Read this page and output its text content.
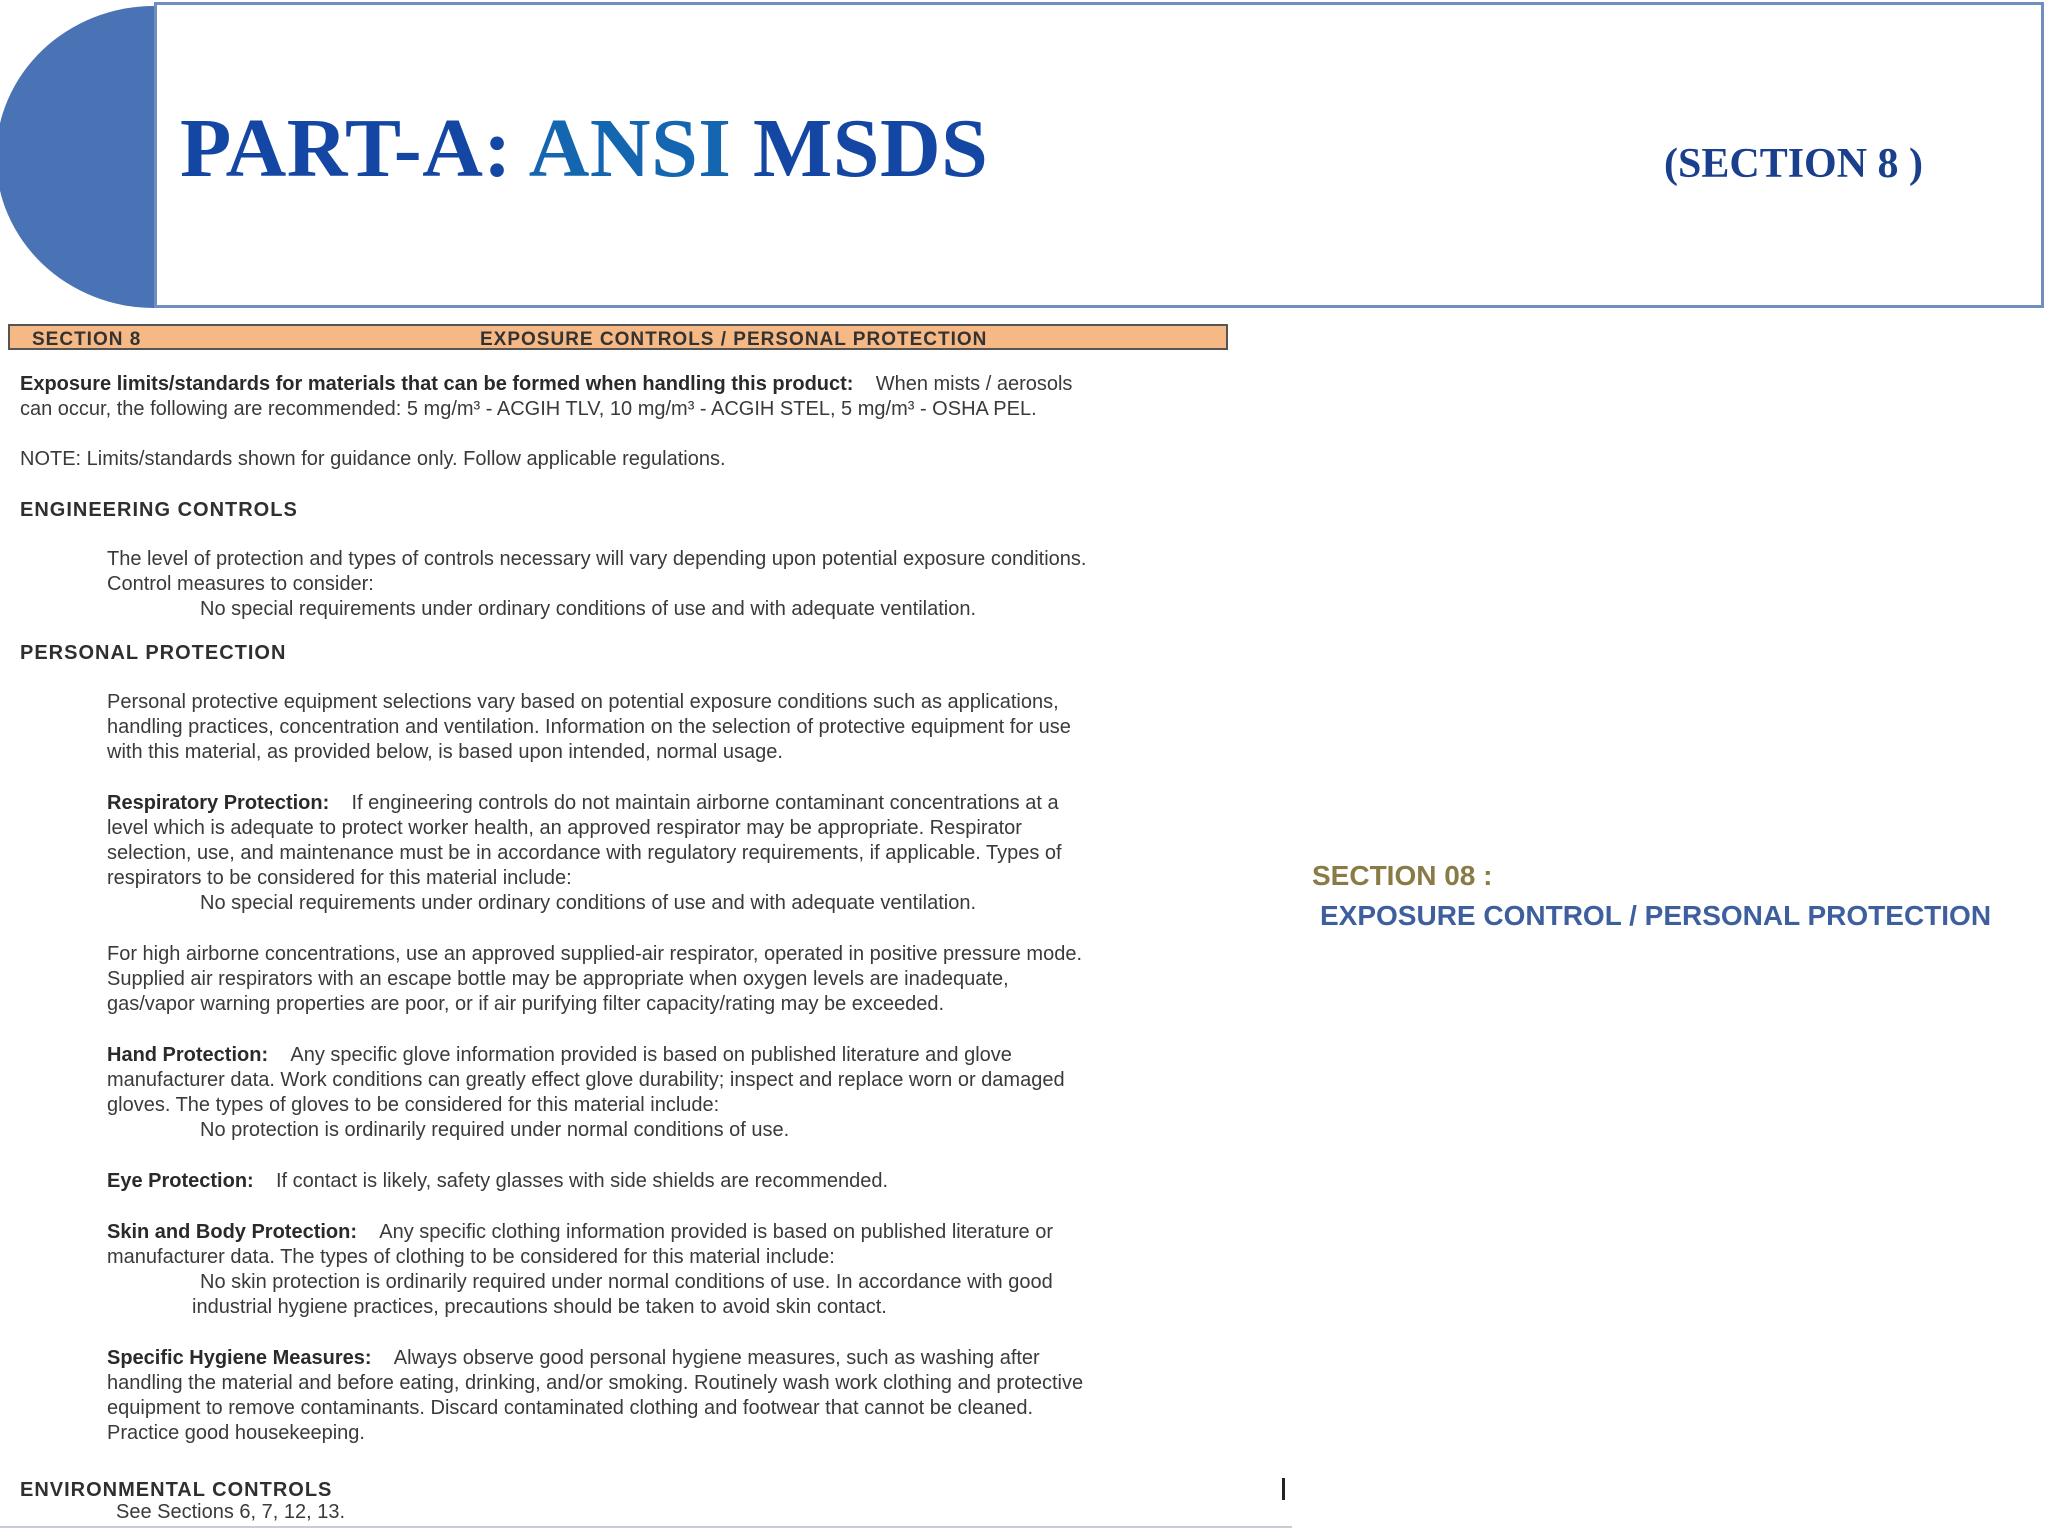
PART-A: ANSI MSDS	(SECTION 8 )

SECTION 8	EXPOSURE CONTROLS / PERSONAL PROTECTION

Exposure limits/standards for materials that can be formed when handling this product: When mists / aerosols

can occur, the following are recommended: 5 mg/m³ - ACGIH TLV, 10 mg/m³ - ACGIH STEL, 5 mg/m³ - OSHA PEL.

NOTE: Limits/standards shown for guidance only. Follow applicable regulations.

ENGINEERING CONTROLS

The level of protection and types of controls necessary will vary depending upon potential exposure conditions.

Control measures to consider:

No special requirements under ordinary conditions of use and with adequate ventilation.

PERSONAL PROTECTION

Personal protective equipment selections vary based on potential exposure conditions such as applications,

handling practices, concentration and ventilation. Information on the selection of protective equipment for use

with this material, as provided below, is based upon intended, normal usage.

Respiratory Protection: If engineering controls do not maintain airborne contaminant concentrations at a

level which is adequate to protect worker health, an approved respirator may be appropriate. Respirator

selection, use, and maintenance must be in accordance with regulatory requirements, if applicable. Types of

respirators to be considered for this material include:

No special requirements under ordinary conditions of use and with adequate ventilation.

For high airborne concentrations, use an approved supplied-air respirator, operated in positive pressure mode.

Supplied air respirators with an escape bottle may be appropriate when oxygen levels are inadequate,

gas/vapor warning properties are poor, or if air purifying filter capacity/rating may be exceeded.

Hand Protection: Any specific glove information provided is based on published literature and glove

manufacturer data. Work conditions can greatly effect glove durability; inspect and replace worn or damaged

gloves. The types of gloves to be considered for this material include:

No protection is ordinarily required under normal conditions of use.

Eye Protection: If contact is likely, safety glasses with side shields are recommended.

Skin and Body Protection: Any specific clothing information provided is based on published literature or

manufacturer data. The types of clothing to be considered for this material include:

No skin protection is ordinarily required under normal conditions of use. In accordance with good

industrial hygiene practices, precautions should be taken to avoid skin contact.

Specific Hygiene Measures: Always observe good personal hygiene measures, such as washing after

handling the material and before eating, drinking, and/or smoking. Routinely wash work clothing and protective

equipment to remove contaminants. Discard contaminated clothing and footwear that cannot be cleaned.

Practice good housekeeping.

ENVIRONMENTAL CONTROLS

See Sections 6, 7, 12, 13.

SECTION 08 :

EXPOSURE CONTROL / PERSONAL PROTECTION
